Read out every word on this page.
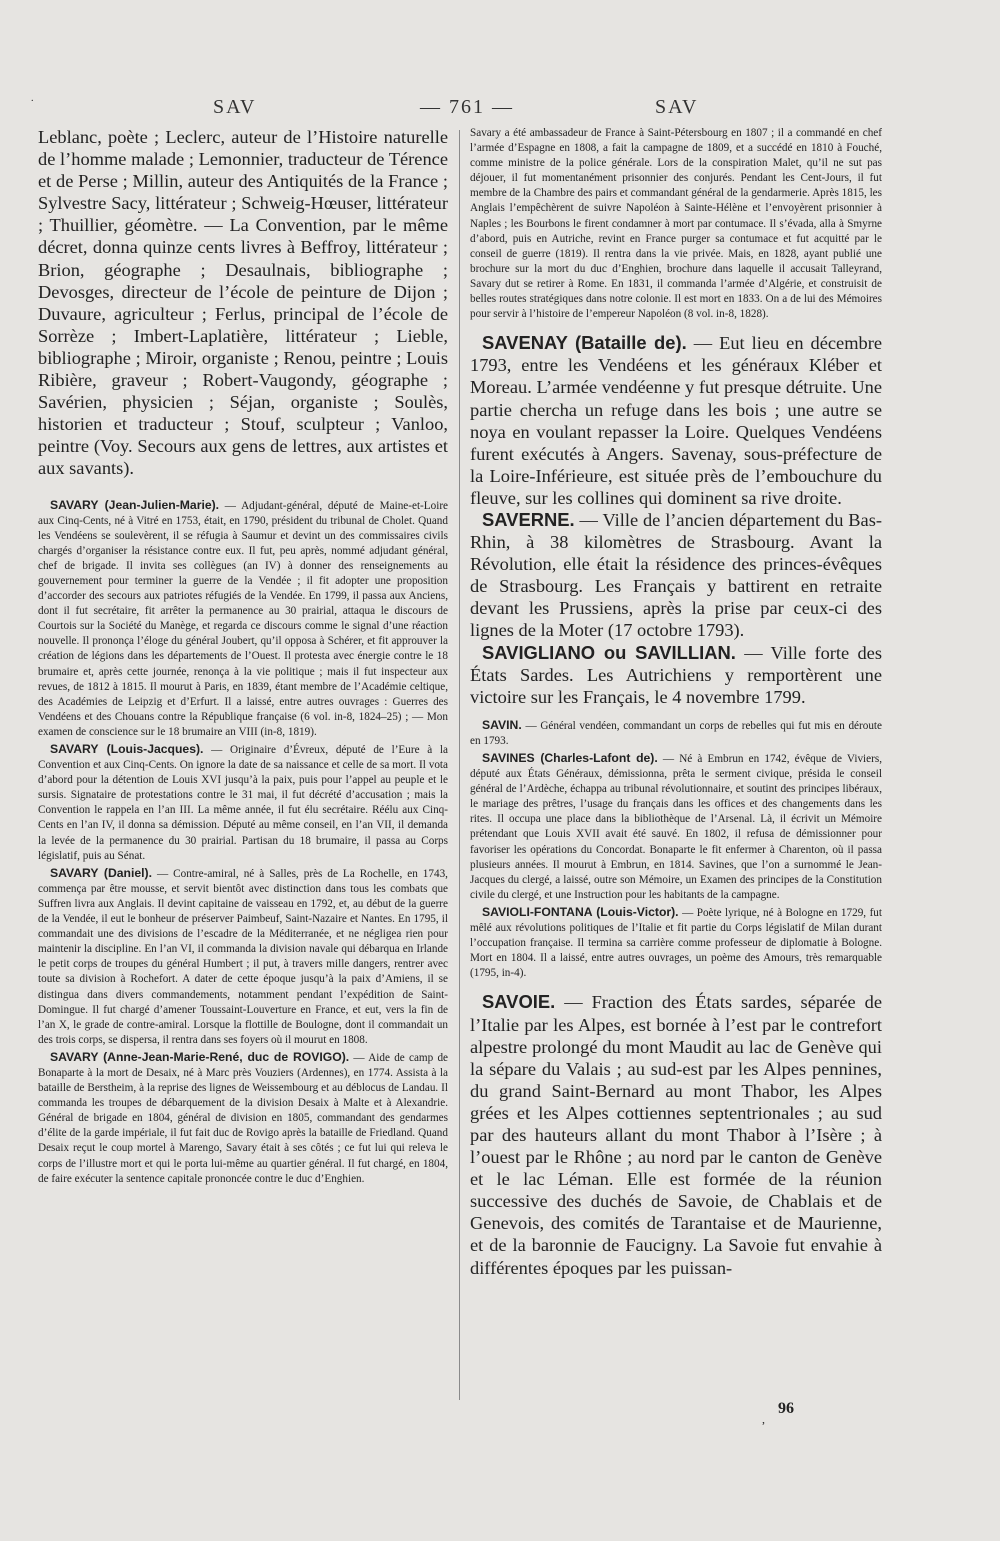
.	SAV	— 761 —	SAV

Leblanc, poète ; Leclerc, auteur de l’Histoire naturelle de l’homme malade ; Lemonnier, traducteur de Térence et de Perse ; Millin, auteur des Antiquités de la France ; Sylvestre Sacy, littérateur ; Schweig-Hœuser, littérateur ; Thuillier, géomètre. — La Convention, par le même décret, donna quinze cents livres à Beffroy, littérateur ; Brion, géographe ; Desaulnais, bibliographe ; Devosges, directeur de l’école de peinture de Dijon ; Duvaure, agriculteur ; Ferlus, principal de l’école de Sorrèze ; Imbert-Laplatière, littérateur ; Lieble, bibliographe ; Miroir, organiste ; Renou, peintre ; Louis Ribière, graveur ; Robert-Vaugondy, géographe ; Savérien, physicien ; Séjan, organiste ; Soulès, historien et traducteur ; Stouf, sculpteur ; Vanloo, peintre (Voy. Secours aux gens de lettres, aux artistes et aux savants).

SAVARY (Jean-Julien-Marie). — Adjudant-général, député de Maine-et-Loire aux Cinq-Cents, né à Vitré en 1753, était, en 1790, président du tribunal de Cholet. Quand les Vendéens se soulevèrent, il se réfugia à Saumur et devint un des commissaires civils chargés d’organiser la résistance contre eux. Il fut, peu après, nommé adjudant général, chef de brigade. Il invita ses collègues (an IV) à donner des renseignements au gouvernement pour terminer la guerre de la Vendée ; il fit adopter une proposition d’accorder des secours aux patriotes réfugiés de la Vendée. En 1799, il passa aux Anciens, dont il fut secrétaire, fit arrêter la permanence au 30 prairial, attaqua le discours de Courtois sur la Société du Manège, et regarda ce discours comme le signal d’une réaction nouvelle. Il prononça l’éloge du général Joubert, qu’il opposa à Schérer, et fit approuver la création de légions dans les départements de l’Ouest. Il protesta avec énergie contre le 18 brumaire et, après cette journée, renonça à la vie politique ; mais il fut inspecteur aux revues, de 1812 à 1815. Il mourut à Paris, en 1839, étant membre de l’Académie celtique, des Académies de Leipzig et d’Erfurt. Il a laissé, entre autres ouvrages : Guerres des Vendéens et des Chouans contre la République française (6 vol. in-8, 1824–25) ; — Mon examen de conscience sur le 18 brumaire an VIII (in-8, 1819).

SAVARY (Louis-Jacques). — Originaire d’Évreux, député de l’Eure à la Convention et aux Cinq-Cents. On ignore la date de sa naissance et celle de sa mort. Il vota d’abord pour la détention de Louis XVI jusqu’à la paix, puis pour l’appel au peuple et le sursis. Signataire de protestations contre le 31 mai, il fut décrété d’accusation ; mais la Convention le rappela en l’an III. La même année, il fut élu secrétaire. Réélu aux Cinq-Cents en l’an IV, il donna sa démission. Député au même conseil, en l’an VII, il demanda la levée de la permanence du 30 prairial. Partisan du 18 brumaire, il passa au Corps législatif, puis au Sénat.

SAVARY (Daniel). — Contre-amiral, né à Salles, près de La Rochelle, en 1743, commença par être mousse, et servit bientôt avec distinction dans tous les combats que Suffren livra aux Anglais. Il devint capitaine de vaisseau en 1792, et, au début de la guerre de la Vendée, il eut le bonheur de préserver Paimbeuf, Saint-Nazaire et Nantes. En 1795, il commandait une des divisions de l’escadre de la Méditerranée, et ne négligea rien pour maintenir la discipline. En l’an VI, il commanda la division navale qui débarqua en Irlande le petit corps de troupes du général Humbert ; il put, à travers mille dangers, rentrer avec toute sa division à Rochefort. A dater de cette époque jusqu’à la paix d’Amiens, il se distingua dans divers commandements, notamment pendant l’expédition de Saint-Domingue. Il fut chargé d’amener Toussaint-Louverture en France, et eut, vers la fin de l’an X, le grade de contre-amiral. Lorsque la flottille de Boulogne, dont il commandait un des trois corps, se dispersa, il rentra dans ses foyers où il mourut en 1808.

SAVARY (Anne-Jean-Marie-René, duc de ROVIGO). — Aide de camp de Bonaparte à la mort de Desaix, né à Marc près Vouziers (Ardennes), en 1774. Assista à la bataille de Berstheim, à la reprise des lignes de Weissembourg et au déblocus de Landau. Il commanda les troupes de débarquement de la division Desaix à Malte et à Alexandrie. Général de brigade en 1804, général de division en 1805, commandant des gendarmes d’élite de la garde impériale, il fut fait duc de Rovigo après la bataille de Friedland. Quand Desaix reçut le coup mortel à Marengo, Savary était à ses côtés ; ce fut lui qui releva le corps de l’illustre mort et qui le porta lui-même au quartier général. Il fut chargé, en 1804, de faire exécuter la sentence capitale prononcée contre le duc d’Enghien.

Savary a été ambassadeur de France à Saint-Pétersbourg en 1807 ; il a commandé en chef l’armée d’Espagne en 1808, a fait la campagne de 1809, et a succédé en 1810 à Fouché, comme ministre de la police générale. Lors de la conspiration Malet, qu’il ne sut pas déjouer, il fut momentanément prisonnier des conjurés. Pendant les Cent-Jours, il fut membre de la Chambre des pairs et commandant général de la gendarmerie. Après 1815, les Anglais l’empêchèrent de suivre Napoléon à Sainte-Hélène et l’envoyèrent prisonnier à Naples ; les Bourbons le firent condamner à mort par contumace. Il s’évada, alla à Smyrne d’abord, puis en Autriche, revint en France purger sa contumace et fut acquitté par le conseil de guerre (1819). Il rentra dans la vie privée. Mais, en 1828, ayant publié une brochure sur la mort du duc d’Enghien, brochure dans laquelle il accusait Talleyrand, Savary dut se retirer à Rome. En 1831, il commanda l’armée d’Algérie, et construisit de belles routes stratégiques dans notre colonie. Il est mort en 1833. On a de lui des Mémoires pour servir à l’histoire de l’empereur Napoléon (8 vol. in-8, 1828).

SAVENAY (Bataille de). — Eut lieu en décembre 1793, entre les Vendéens et les généraux Kléber et Moreau. L’armée vendéenne y fut presque détruite. Une partie chercha un refuge dans les bois ; une autre se noya en voulant repasser la Loire. Quelques Vendéens furent exécutés à Angers. Savenay, sous-préfecture de la Loire-Inférieure, est située près de l’embouchure du fleuve, sur les collines qui dominent sa rive droite.

SAVERNE. — Ville de l’ancien département du Bas-Rhin, à 38 kilomètres de Strasbourg. Avant la Révolution, elle était la résidence des princes-évêques de Strasbourg. Les Français y battirent en retraite devant les Prussiens, après la prise par ceux-ci des lignes de la Moter (17 octobre 1793).

SAVIGLIANO ou SAVILLIAN. — Ville forte des États Sardes. Les Autrichiens y remportèrent une victoire sur les Français, le 4 novembre 1799.

SAVIN. — Général vendéen, commandant un corps de rebelles qui fut mis en déroute en 1793.

SAVINES (Charles-Lafont de). — Né à Embrun en 1742, évêque de Viviers, député aux États Généraux, démissionna, prêta le serment civique, présida le conseil général de l’Ardèche, échappa au tribunal révolutionnaire, et soutint des principes libéraux, le mariage des prêtres, l’usage du français dans les offices et des changements dans les rites. Il occupa une place dans la bibliothèque de l’Arsenal. Là, il écrivit un Mémoire prétendant que Louis XVII avait été sauvé. En 1802, il refusa de démissionner pour favoriser les opérations du Concordat. Bonaparte le fit enfermer à Charenton, où il passa plusieurs années. Il mourut à Embrun, en 1814. Savines, que l’on a surnommé le Jean-Jacques du clergé, a laissé, outre son Mémoire, un Examen des principes de la Constitution civile du clergé, et une Instruction pour les habitants de la campagne.

SAVIOLI-FONTANA (Louis-Victor). — Poète lyrique, né à Bologne en 1729, fut mêlé aux révolutions politiques de l’Italie et fit partie du Corps législatif de Milan durant l’occupation française. Il termina sa carrière comme professeur de diplomatie à Bologne. Mort en 1804. Il a laissé, entre autres ouvrages, un poème des Amours, très remarquable (1795, in-4).

SAVOIE. — Fraction des États sardes, séparée de l’Italie par les Alpes, est bornée à l’est par le contrefort alpestre prolongé du mont Maudit au lac de Genève qui la sépare du Valais ; au sud-est par les Alpes pennines, du grand Saint-Bernard au mont Thabor, les Alpes grées et les Alpes cottiennes septentrionales ; au sud par des hauteurs allant du mont Thabor à l’Isère ; à l’ouest par le Rhône ; au nord par le canton de Genève et le lac Léman. Elle est formée de la réunion successive des duchés de Savoie, de Chablais et de Genevois, des comités de Tarantaise et de Maurienne, et de la baronnie de Faucigny. La Savoie fut envahie à différentes époques par les puissan-

,
96
